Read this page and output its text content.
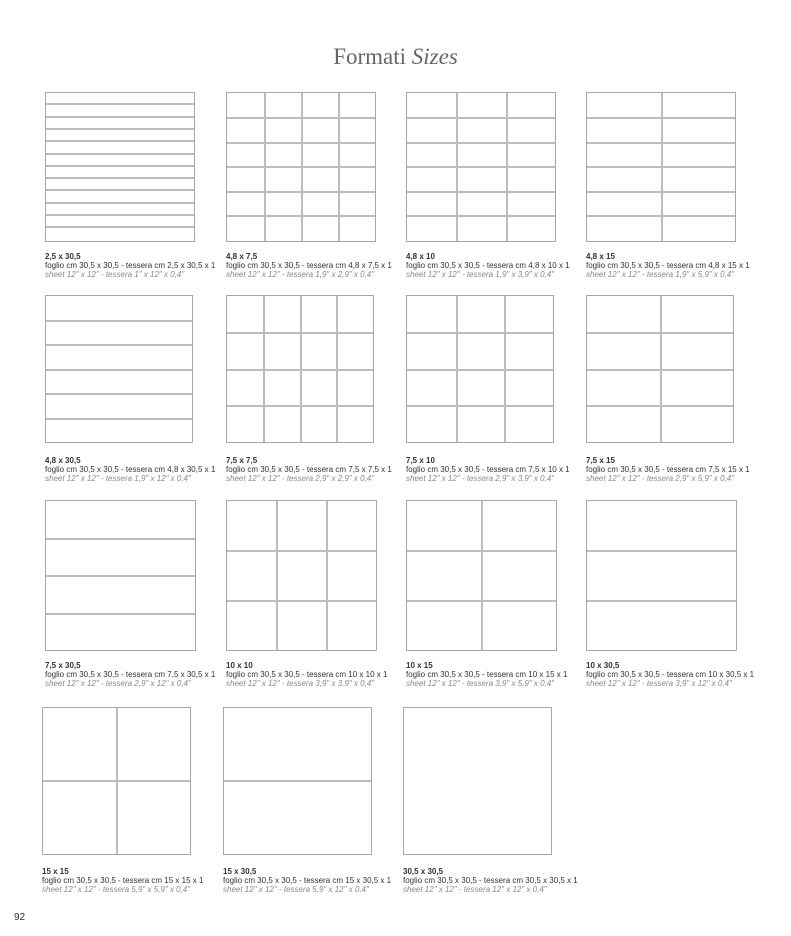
Formati Sizes
2,5 x 30,5
foglio cm 30,5 x 30,5 - tessera cm 2,5 x 30,5 x 1
sheet 12" x 12" - tessera 1" x 12" x 0,4"
4,8 x 7,5
foglio cm 30,5 x 30,5 - tessera cm 4,8 x 7,5 x 1
sheet 12" x 12" - tessera 1,9" x 2,9" x 0,4"
4,8 x 10
foglio cm 30,5 x 30,5 - tessera cm 4,8 x 10 x 1
sheet 12" x 12" - tessera 1,9" x 3,9" x 0,4"
4,8 x 15
foglio cm 30,5 x 30,5 - tessera cm 4,8 x 15 x 1
sheet 12" x 12" - tessera 1,9" x 5,9" x 0,4"
4,8 x 30,5
foglio cm 30,5 x 30,5 - tessera cm 4,8 x 30,5 x 1
sheet 12" x 12" - tessera 1,9" x 12" x 0,4"
7,5 x 7,5
foglio cm 30,5 x 30,5 - tessera cm 7,5 x 7,5 x 1
sheet 12" x 12" - tessera 2,9" x 2,9" x 0,4"
7,5 x 10
foglio cm 30,5 x 30,5 - tessera cm 7,5 x 10 x 1
sheet 12" x 12" - tessera 2,9" x 3,9" x 0,4"
7,5 x 15
foglio cm 30,5 x 30,5 - tessera cm 7,5 x 15 x 1
sheet 12" x 12" - tessera 2,9" x 5,9" x 0,4"
7,5 x 30,5
foglio cm 30,5 x 30,5 - tessera cm 7,5 x 30,5 x 1
sheet 12" x 12" - tessera 2,9" x 12" x 0,4"
10 x 10
foglio cm 30,5 x 30,5 - tessera cm 10 x 10 x 1
sheet 12" x 12" - tessera 3,9" x 3,9" x 0,4"
10 x 15
foglio cm 30,5 x 30,5 - tessera cm 10 x 15 x 1
sheet 12" x 12" - tessera 3,9" x 5,9" x 0,4"
10 x 30,5
foglio cm 30,5 x 30,5 - tessera cm 10 x 30,5 x 1
sheet 12" x 12" - tessera 3,9" x 12" x 0,4"
15 x 15
foglio cm 30,5 x 30,5 - tessera cm 15 x 15 x 1
sheet 12" x 12" - tessera 5,9" x 5,9" x 0,4"
15 x 30,5
foglio cm 30,5 x 30,5 - tessera cm 15 x 30,5 x 1
sheet 12" x 12" - tessera 5,9" x 12" x 0,4"
30,5 x 30,5
foglio cm 30,5 x 30,5 - tessera cm 30,5 x 30,5 x 1
sheet 12" x 12" - tessera 12" x 12" x 0,4"
92
